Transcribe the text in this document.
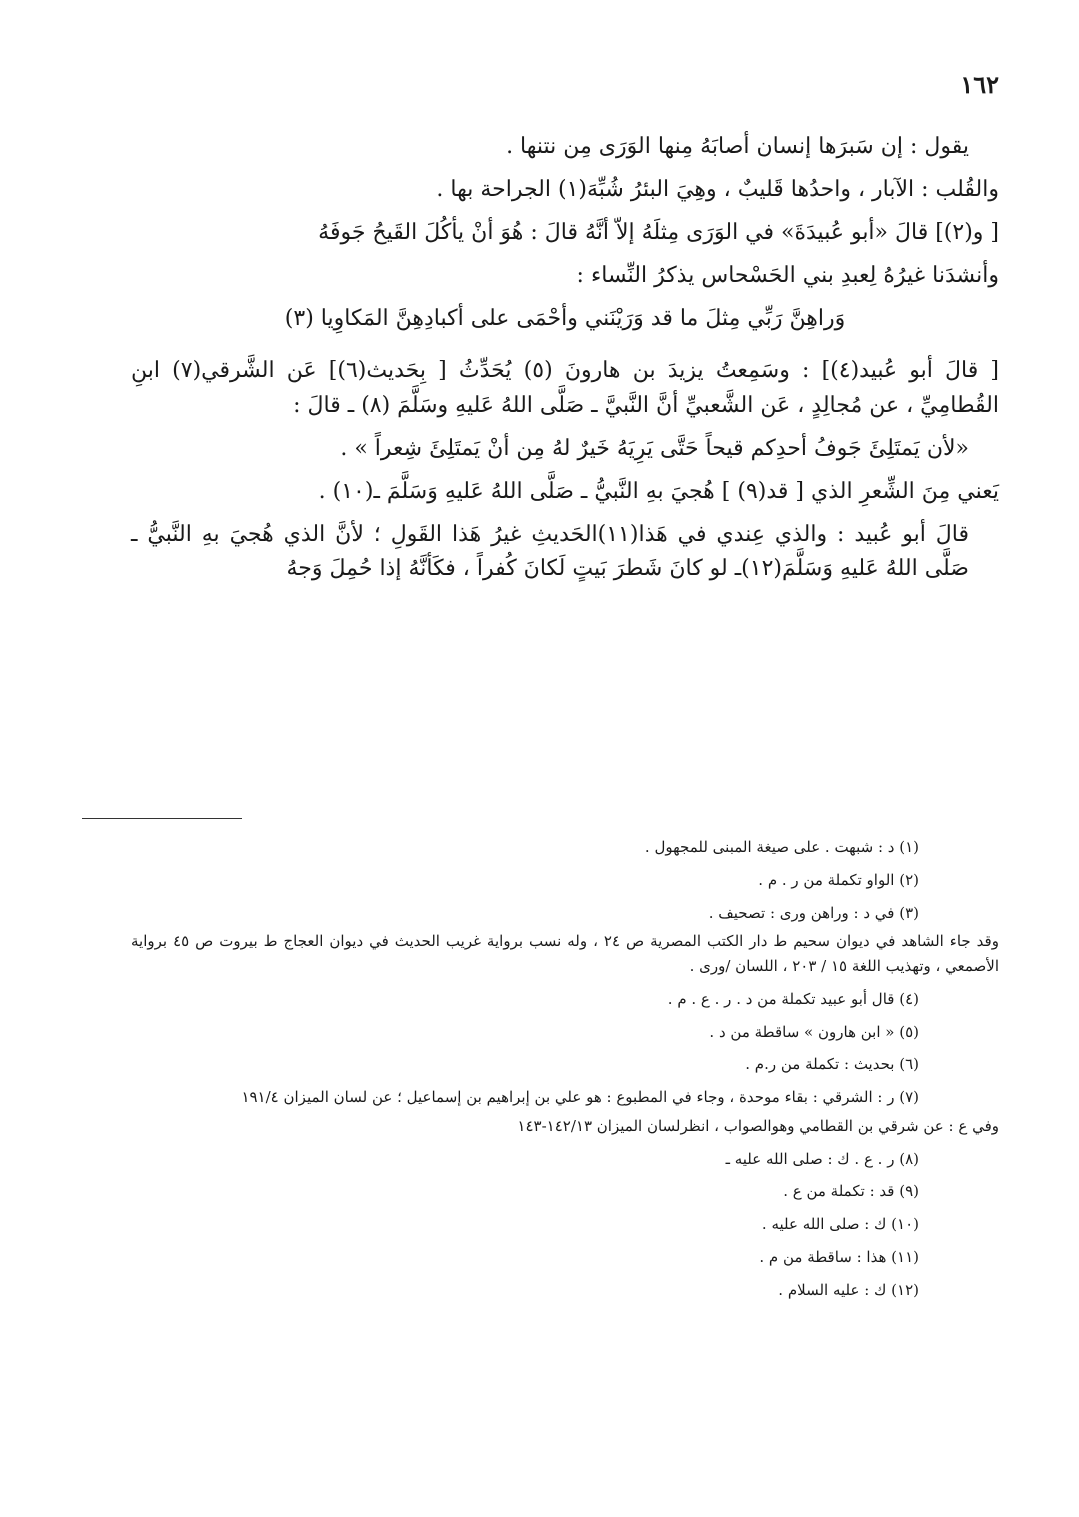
١٦٢

يقول : إن سَبرَها إنسان أصابَهُ مِنها الوَرَى مِن نتنها .

والقُلب : الآبار ، واحدُها قَليبٌ ، وهِيَ البئرُ شُبِّهَ(١) الجراحة بها .

[ و(٢)] قالَ «أبو عُبيدَةَ» في الوَرَى مِثلَهُ إلاّ أنَّهُ قالَ : هُوَ أنْ يأكُلَ القَيحُ جَوفَهُ

وأنشدَنا غيرُهُ لِعبدِ بني الحَسْحاس يذكرُ النِّساء :

وَراهِنَّ رَبِّي مِثلَ ما قد وَرَيْنَني وأحْمَى على أكبادِهِنَّ المَكاوِيا (٣)

[ قالَ أبو عُبيد(٤)] : وسَمِعتُ يزيدَ بن هارونَ (٥) يُحَدِّثُ [ بِحَديث(٦)] عَن الشَّرقي(٧) ابنِ القُطامِيِّ ، عن مُجالِدٍ ، عَن الشَّعبيِّ أنَّ النَّبيَّ ـ صَلَّى اللهُ عَليهِ وسَلَّمَ (٨) ـ قالَ :

«لأن يَمتَلِئَ جَوفُ أحدِكم قيحاً حَتَّى يَرِيَهُ خَيرٌ لهُ مِن أنْ يَمتَلِئَ شِعراً » .

يَعني مِنَ الشِّعرِ الذي [ قد(٩) ] هُجيَ بهِ النَّبيُّ ـ صَلَّى اللهُ عَليهِ وَسَلَّمَ ـ(١٠) .

قالَ أبو عُبيد : والذي عِندي في هَذا(١١)الحَديثِ غيرُ هَذا القَولِ ؛ لأنَّ الذي هُجيَ بهِ النَّبيُّ ـ صَلَّى اللهُ عَليهِ وَسَلَّمَ(١٢)ـ لو كانَ شَطرَ بَيتٍ لَكانَ كُفراً ، فكَأنَّهُ إذا حُمِلَ وَجهُ

(١) د : شبهت . على صيغة المبنى للمجهول .
(٢) الواو تكملة من ر . م .
(٣) في د : وراهن ورى : تصحيف .
وقد جاء الشاهد في ديوان سحيم ط دار الكتب المصرية ص ٢٤ ، وله نسب برواية غريب الحديث في ديوان العجاج ط بيروت ص ٤٥ برواية الأصمعي ، وتهذيب اللغة ١٥ / ٢٠٣ ، اللسان /ورى .
(٤) قال أبو عبيد تكملة من د . ر . ع . م .
(٥) « ابن هارون » ساقطة من د .
(٦) بحديث : تكملة من ر.م .
(٧) ر : الشرقي : بقاء موحدة ، وجاء في المطبوع : هو علي بن إبراهيم بن إسماعيل ؛ عن لسان الميزان ١٩١/٤
وفي ع : عن شرقي بن القطامي وهوالصواب ، انظرلسان الميزان ١٤٢/١٣-١٤٣
(٨) ر . ع . ك : صلى الله عليه ـ
(٩) قد : تكملة من ع .
(١٠) ك : صلى الله عليه .
(١١) هذا : ساقطة من م .
(١٢) ك : عليه السلام .
